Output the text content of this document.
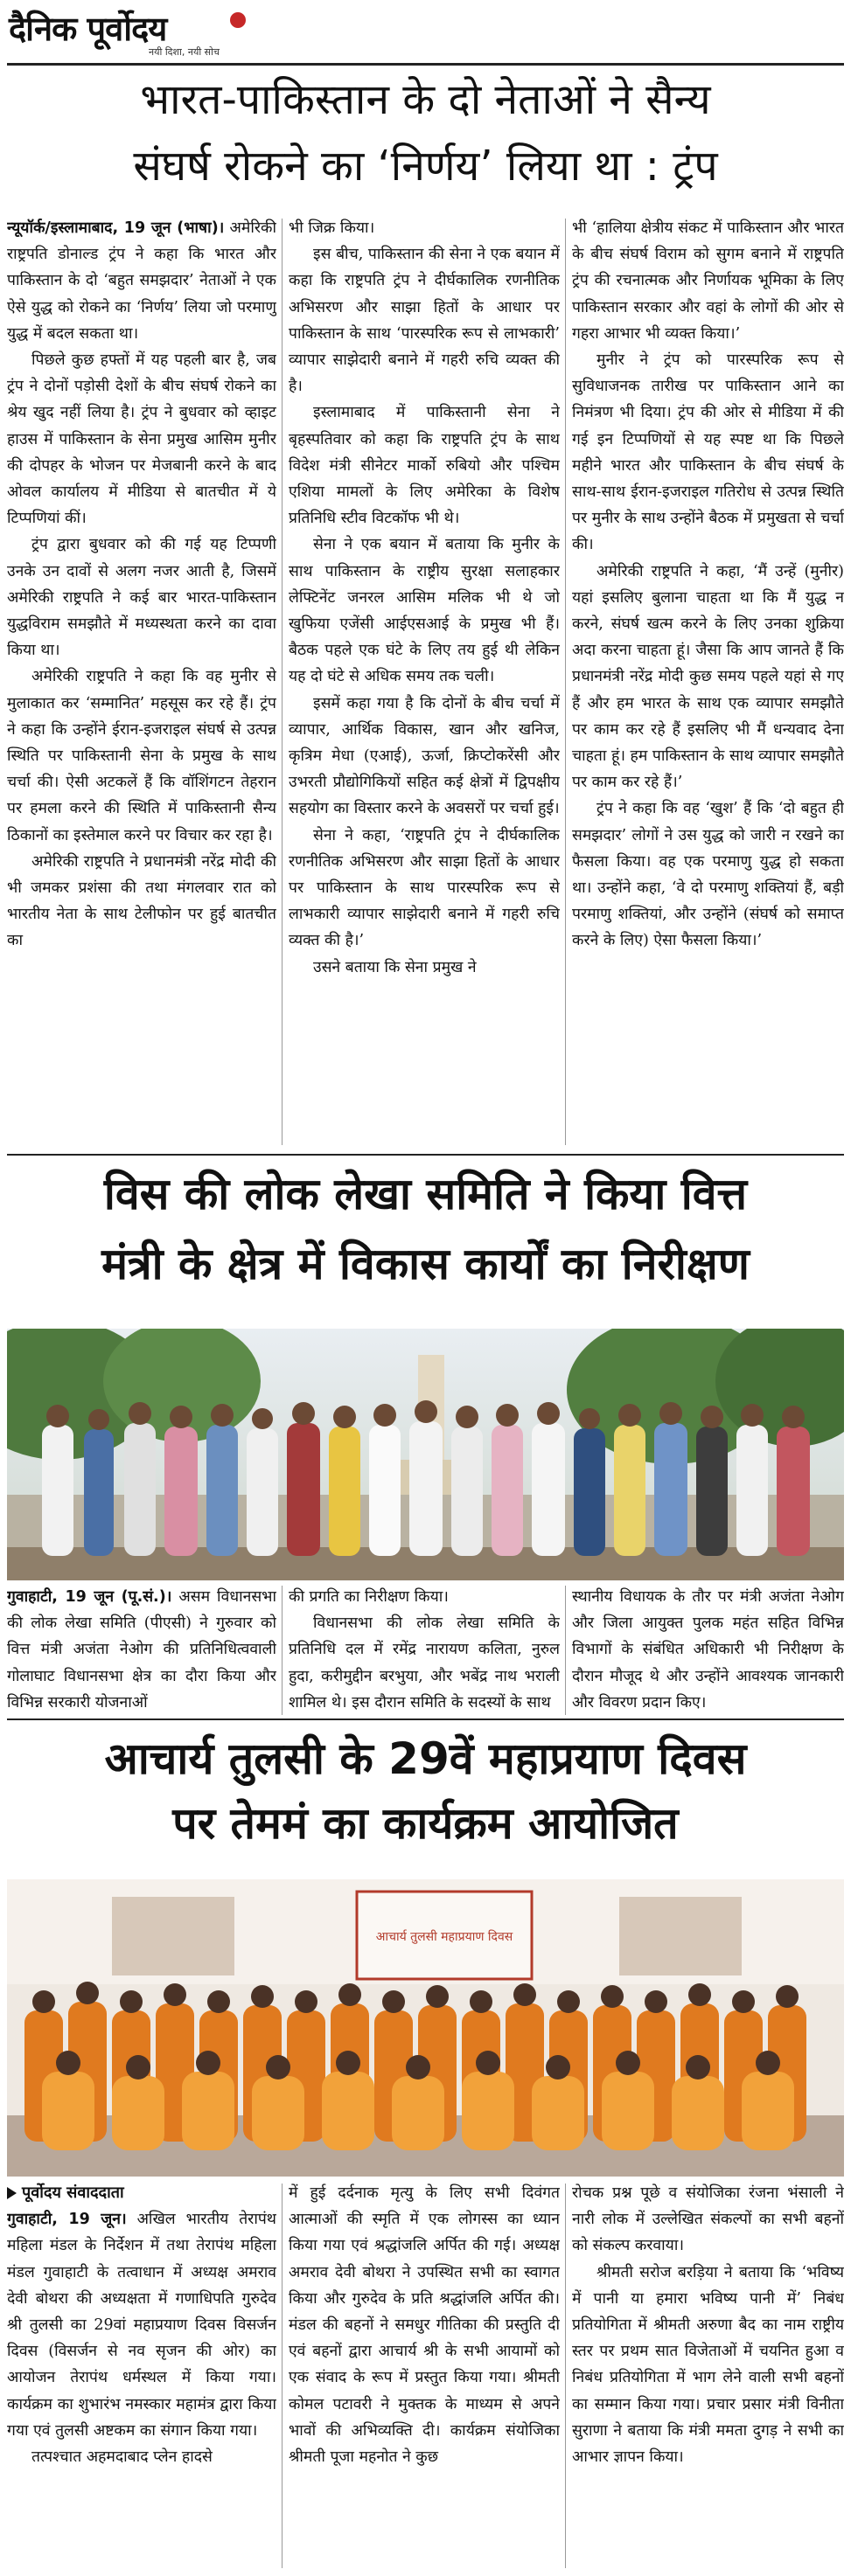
दैनिक पूर्वोदय
नयी दिशा, नयी सोच
भारत-पाकिस्तान के दो नेताओं ने सैन्य
संघर्ष रोकने का ‘निर्णय’ लिया था : ट्रंप

न्यूयॉर्क/इस्लामाबाद, 19 जून (भाषा)। अमेरिकी राष्ट्रपति डोनाल्ड ट्रंप ने कहा कि भारत और पाकिस्तान के दो ‘बहुत समझदार’ नेताओं ने एक ऐसे युद्ध को रोकने का ‘निर्णय’ लिया जो परमाणु युद्ध में बदल सकता था।

पिछले कुछ हफ्तों में यह पहली बार है, जब ट्रंप ने दोनों पड़ोसी देशों के बीच संघर्ष रोकने का श्रेय खुद नहीं लिया है। ट्रंप ने बुधवार को व्हाइट हाउस में पाकिस्तान के सेना प्रमुख आसिम मुनीर की दोपहर के भोजन पर मेजबानी करने के बाद ओवल कार्यालय में मीडिया से बातचीत में ये टिप्पणियां कीं।

ट्रंप द्वारा बुधवार को की गई यह टिप्पणी उनके उन दावों से अलग नजर आती है, जिसमें अमेरिकी राष्ट्रपति ने कई बार भारत-पाकिस्तान युद्धविराम समझौते में मध्यस्थता करने का दावा किया था।

अमेरिकी राष्ट्रपति ने कहा कि वह मुनीर से मुलाकात कर ‘सम्मानित’ महसूस कर रहे हैं। ट्रंप ने कहा कि उन्होंने ईरान-इजराइल संघर्ष से उत्पन्न स्थिति पर पाकिस्तानी सेना के प्रमुख के साथ चर्चा की। ऐसी अटकलें हैं कि वॉशिंगटन तेहरान पर हमला करने की स्थिति में पाकिस्तानी सैन्य ठिकानों का इस्तेमाल करने पर विचार कर रहा है।

अमेरिकी राष्ट्रपति ने प्रधानमंत्री नरेंद्र मोदी की भी जमकर प्रशंसा की तथा मंगलवार रात को भारतीय नेता के साथ टेलीफोन पर हुई बातचीत का

भी जिक्र किया।

इस बीच, पाकिस्तान की सेना ने एक बयान में कहा कि राष्ट्रपति ट्रंप ने दीर्घकालिक रणनीतिक अभिसरण और साझा हितों के आधार पर पाकिस्तान के साथ ‘पारस्परिक रूप से लाभकारी’ व्यापार साझेदारी बनाने में गहरी रुचि व्यक्त की है।

इस्लामाबाद में पाकिस्तानी सेना ने बृहस्पतिवार को कहा कि राष्ट्रपति ट्रंप के साथ विदेश मंत्री सीनेटर मार्को रुबियो और पश्चिम एशिया मामलों के लिए अमेरिका के विशेष प्रतिनिधि स्टीव विटकॉफ भी थे।

सेना ने एक बयान में बताया कि मुनीर के साथ पाकिस्तान के राष्ट्रीय सुरक्षा सलाहकार लेफ्टिनेंट जनरल आसिम मलिक भी थे जो खुफिया एजेंसी आईएसआई के प्रमुख भी हैं। बैठक पहले एक घंटे के लिए तय हुई थी लेकिन यह दो घंटे से अधिक समय तक चली।

इसमें कहा गया है कि दोनों के बीच चर्चा में व्यापार, आर्थिक विकास, खान और खनिज, कृत्रिम मेधा (एआई), ऊर्जा, क्रिप्टोकरेंसी और उभरती प्रौद्योगिकियों सहित कई क्षेत्रों में द्विपक्षीय सहयोग का विस्तार करने के अवसरों पर चर्चा हुई।

सेना ने कहा, ‘राष्ट्रपति ट्रंप ने दीर्घकालिक रणनीतिक अभिसरण और साझा हितों के आधार पर पाकिस्तान के साथ पारस्परिक रूप से लाभकारी व्यापार साझेदारी बनाने में गहरी रुचि व्यक्त की है।’

उसने बताया कि सेना प्रमुख ने

भी ‘हालिया क्षेत्रीय संकट में पाकिस्तान और भारत के बीच संघर्ष विराम को सुगम बनाने में राष्ट्रपति ट्रंप की रचनात्मक और निर्णायक भूमिका के लिए पाकिस्तान सरकार और वहां के लोगों की ओर से गहरा आभार भी व्यक्त किया।’

मुनीर ने ट्रंप को पारस्परिक रूप से सुविधाजनक तारीख पर पाकिस्तान आने का निमंत्रण भी दिया। ट्रंप की ओर से मीडिया में की गई इन टिप्पणियों से यह स्पष्ट था कि पिछले महीने भारत और पाकिस्तान के बीच संघर्ष के साथ-साथ ईरान-इजराइल गतिरोध से उत्पन्न स्थिति पर मुनीर के साथ उन्होंने बैठक में प्रमुखता से चर्चा की।

अमेरिकी राष्ट्रपति ने कहा, ‘मैं उन्हें (मुनीर) यहां इसलिए बुलाना चाहता था कि मैं युद्ध न करने, संघर्ष खत्म करने के लिए उनका शुक्रिया अदा करना चाहता हूं। जैसा कि आप जानते हैं कि प्रधानमंत्री नरेंद्र मोदी कुछ समय पहले यहां से गए हैं और हम भारत के साथ एक व्यापार समझौते पर काम कर रहे हैं इसलिए भी मैं धन्यवाद देना चाहता हूं। हम पाकिस्तान के साथ व्यापार समझौते पर काम कर रहे हैं।’

ट्रंप ने कहा कि वह ‘खुश’ हैं कि ‘दो बहुत ही समझदार’ लोगों ने उस युद्ध को जारी न रखने का फैसला किया। वह एक परमाणु युद्ध हो सकता था। उन्होंने कहा, ‘वे दो परमाणु शक्तियां हैं, बड़ी परमाणु शक्तियां, और उन्होंने (संघर्ष को समाप्त करने के लिए) ऐसा फैसला किया।’

विस की लोक लेखा समिति ने किया वित्त
मंत्री के क्षेत्र में विकास कार्यों का निरीक्षण

गुवाहाटी, 19 जून (पू.सं.)। असम विधानसभा की लोक लेखा समिति (पीएसी) ने गुरुवार को वित्त मंत्री अजंता नेओग की प्रतिनिधित्ववाली गोलाघाट विधानसभा क्षेत्र का दौरा किया और विभिन्न सरकारी योजनाओं

की प्रगति का निरीक्षण किया।

विधानसभा की लोक लेखा समिति के प्रतिनिधि दल में रमेंद्र नारायण कलिता, नुरुल हुदा, करीमुद्दीन बरभुया, और भबेंद्र नाथ भराली शामिल थे। इस दौरान समिति के सदस्यों के साथ

स्थानीय विधायक के तौर पर मंत्री अजंता नेओग और जिला आयुक्त पुलक महंत सहित विभिन्न विभागों के संबंधित अधिकारी भी निरीक्षण के दौरान मौजूद थे और उन्होंने आवश्यक जानकारी और विवरण प्रदान किए।

आचार्य तुलसी के 29वें महाप्रयाण दिवस
पर तेममं का कार्यक्रम आयोजित
आचार्य तुलसी महाप्रयाण दिवस

पूर्वोदय संवाददाता

गुवाहाटी, 19 जून। अखिल भारतीय तेरापंथ महिला मंडल के निर्देशन में तथा तेरापंथ महिला मंडल गुवाहाटी के तत्वाधान में अध्यक्ष अमराव देवी बोथरा की अध्यक्षता में गणाधिपति गुरुदेव श्री तुलसी का 29वां महाप्रयाण दिवस विसर्जन दिवस (विसर्जन से नव सृजन की ओर) का आयोजन तेरापंथ धर्मस्थल में किया गया। कार्यक्रम का शुभारंभ नमस्कार महामंत्र द्वारा किया गया एवं तुलसी अष्टकम का संगान किया गया।

तत्पश्चात अहमदाबाद प्लेन हादसे

में हुई दर्दनाक मृत्यु के लिए सभी दिवंगत आत्माओं की स्मृति में एक लोगस्स का ध्यान किया गया एवं श्रद्धांजलि अर्पित की गई। अध्यक्ष अमराव देवी बोथरा ने उपस्थित सभी का स्वागत किया और गुरुदेव के प्रति श्रद्धांजलि अर्पित की। मंडल की बहनों ने समधुर गीतिका की प्रस्तुति दी एवं बहनों द्वारा आचार्य श्री के सभी आयामों को एक संवाद के रूप में प्रस्तुत किया गया। श्रीमती कोमल पटावरी ने मुक्तक के माध्यम से अपने भावों की अभिव्यक्ति दी। कार्यक्रम संयोजिका श्रीमती पूजा महनोत ने कुछ

रोचक प्रश्न पूछे व संयोजिका रंजना भंसाली ने नारी लोक में उल्लेखित संकल्पों का सभी बहनों को संकल्प करवाया।

श्रीमती सरोज बरड़िया ने बताया कि ‘भविष्य में पानी या हमारा भविष्य पानी में’ निबंध प्रतियोगिता में श्रीमती अरुणा बैद का नाम राष्ट्रीय स्तर पर प्रथम सात विजेताओं में चयनित हुआ व निबंध प्रतियोगिता में भाग लेने वाली सभी बहनों का सम्मान किया गया। प्रचार प्रसार मंत्री विनीता सुराणा ने बताया कि मंत्री ममता दुगड़ ने सभी का आभार ज्ञापन किया।
